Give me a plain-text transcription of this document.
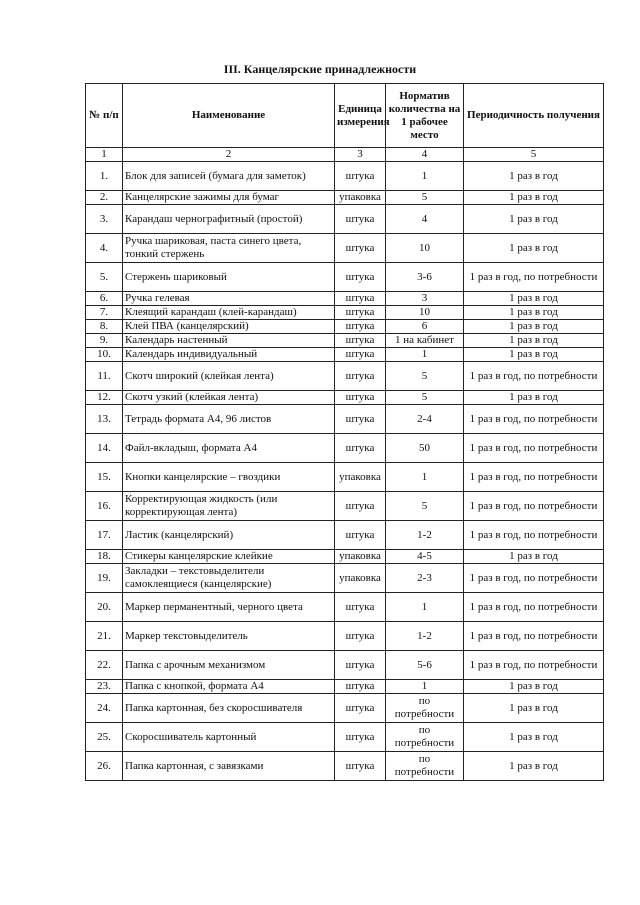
III. Канцелярские принадлежности
№ п/п	Наименование	Единица измерения	Норматив количества на 1 рабочее место	Периодичность получения
1	2	3	4	5
1.	Блок для записей (бумага для заметок)	штука	1	1 раз в год
2.	Канцелярские зажимы для бумаг	упаковка	5	1 раз в год
3.	Карандаш чернографитный (простой)	штука	4	1 раз в год
4.	Ручка шариковая, паста синего цвета, тонкий стержень	штука	10	1 раз в год
5.	Стержень шариковый	штука	3-6	1 раз в год, по потребности
6.	Ручка гелевая	штука	3	1 раз в год
7.	Клеящий карандаш (клей-карандаш)	штука	10	1 раз в год
8.	Клей ПВА (канцелярский)	штука	6	1 раз в год
9.	Календарь настенный	штука	1 на кабинет	1 раз в год
10.	Календарь индивидуальный	штука	1	1 раз в год
11.	Скотч широкий (клейкая лента)	штука	5	1 раз в год, по потребности
12.	Скотч узкий (клейкая лента)	штука	5	1 раз в год
13.	Тетрадь формата А4, 96 листов	штука	2-4	1 раз в год, по потребности
14.	Файл-вкладыш, формата А4	штука	50	1 раз в год, по потребности
15.	Кнопки канцелярские – гвоздики	упаковка	1	1 раз в год, по потребности
16.	Корректирующая жидкость (или корректирующая лента)	штука	5	1 раз в год, по потребности
17.	Ластик (канцелярский)	штука	1-2	1 раз в год, по потребности
18.	Стикеры канцелярские клейкие	упаковка	4-5	1 раз в год
19.	Закладки – текстовыделители самоклеящиеся (канцелярские)	упаковка	2-3	1 раз в год, по потребности
20.	Маркер перманентный, черного цвета	штука	1	1 раз в год, по потребности
21.	Маркер текстовыделитель	штука	1-2	1 раз в год, по потребности
22.	Папка с арочным механизмом	штука	5-6	1 раз в год, по потребности
23.	Папка с кнопкой, формата А4	штука	1	1 раз в год
24.	Папка картонная, без скоросшивателя	штука	по потребности	1 раз в год
25.	Скоросшиватель картонный	штука	по потребности	1 раз в год
26.	Папка картонная, с завязками	штука	по потребности	1 раз в год
